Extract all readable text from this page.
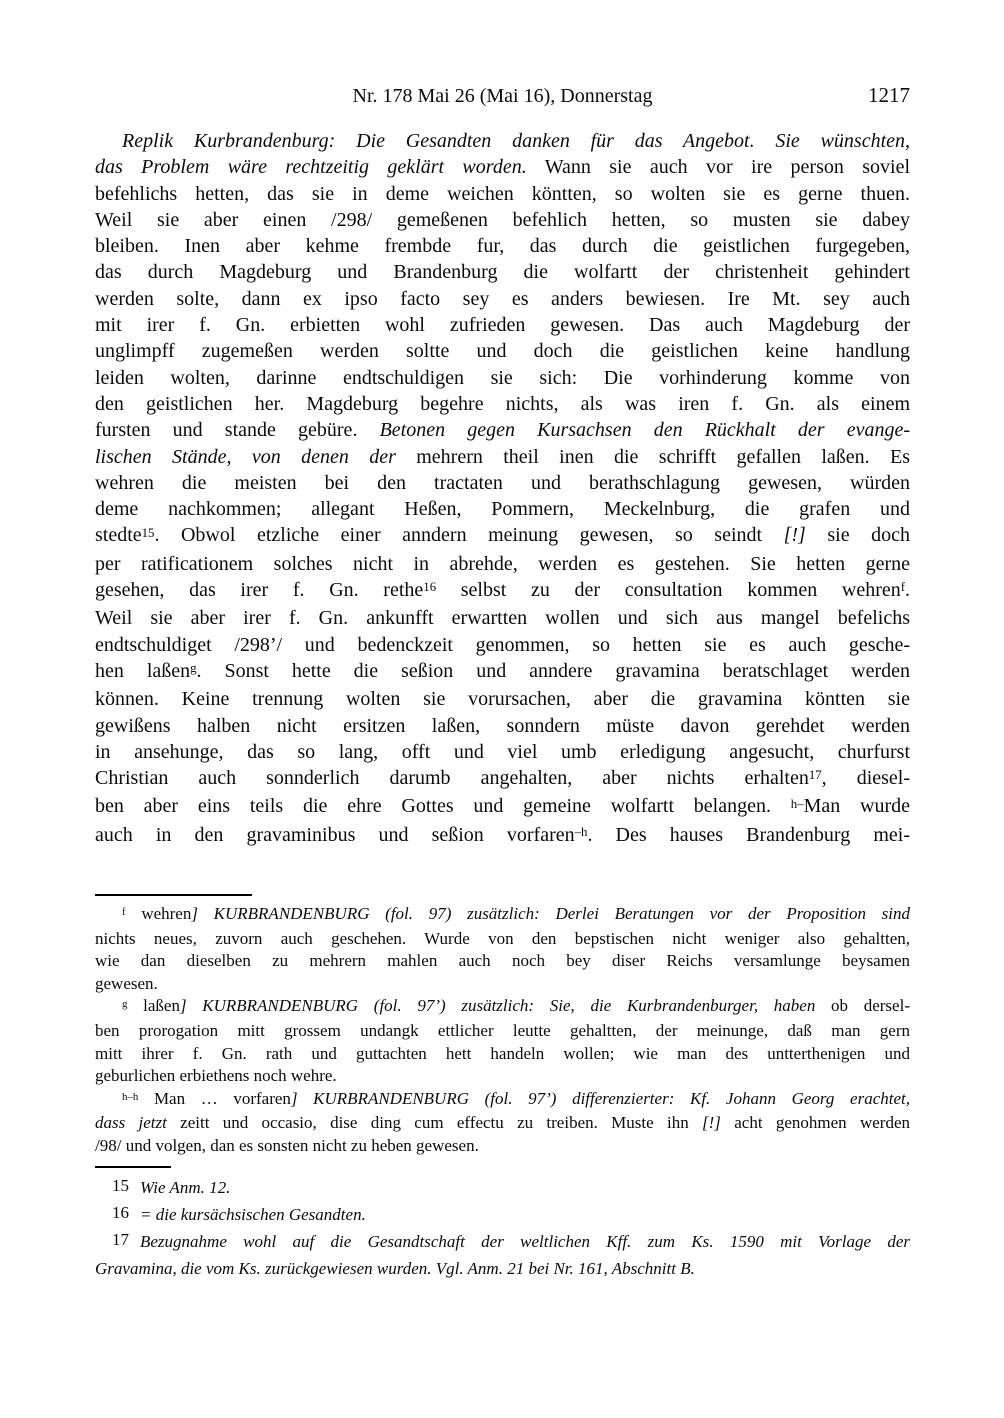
Nr. 178 Mai 26 (Mai 16), Donnerstag	1217
Replik Kurbrandenburg: Die Gesandten danken für das Angebot. Sie wünschten,
das Problem wäre rechtzeitig geklärt worden. Wann sie auch vor ire person soviel
befehlichs hetten, das sie in deme weichen köntten, so wolten sie es gerne thuen.
Weil sie aber einen /298/ gemeßenen befehlich hetten, so musten sie dabey
bleiben. Inen aber kehme frembde fur, das durch die geistlichen furgegeben,
das durch Magdeburg und Brandenburg die wolfartt der christenheit gehindert
werden solte, dann ex ipso facto sey es anders bewiesen. Ire Mt. sey auch
mit irer f. Gn. erbietten wohl zufrieden gewesen. Das auch Magdeburg der
unglimpff zugemeßen werden soltte und doch die geistlichen keine handlung
leiden wolten, darinne endtschuldigen sie sich: Die vorhinderung komme von
den geistlichen her. Magdeburg begehre nichts, als was iren f. Gn. als einem
fursten und stande gebüre. Betonen gegen Kursachsen den Rückhalt der evange-
lischen Stände, von denen der mehrern theil inen die schrifft gefallen laßen. Es
wehren die meisten bei den tractaten und berathschlagung gewesen, würden
deme nachkommen; allegant Heßen, Pommern, Meckelnburg, die grafen und
stedte$^{15}$. Obwol etzliche einer anndern meinung gewesen, so seindt [!] sie doch
per ratificationem solches nicht in abrehde, werden es gestehen. Sie hetten gerne
gesehen, das irer f. Gn. rethe$^{16}$ selbst zu der consultation kommen wehren$^f$.
Weil sie aber irer f. Gn. ankunfft erwartten wollen und sich aus mangel befelichs
endtschuldiget /298’/ und bedenckzeit genommen, so hetten sie es auch gesche-
hen laßen$^g$. Sonst hette die seßion und anndere gravamina beratschlaget werden
können. Keine trennung wolten sie vorursachen, aber die gravamina köntten sie
gewißens halben nicht ersitzen laßen, sonndern müste davon gerehdet werden
in ansehunge, das so lang, offt und viel umb erledigung angesucht, churfurst
Christian auch sonnderlich darumb angehalten, aber nichts erhalten$^{17}$, diesel-
ben aber eins teils die ehre Gottes und gemeine wolfartt belangen. $^{h-}$Man wurde
auch in den gravaminibus und seßion vorfaren$^{-h}$. Des hauses Brandenburg mei-
$^f$ wehren] KURBRANDENBURG (fol. 97) zusätzlich: Derlei Beratungen vor der Proposition sind
nichts neues, zuvorn auch geschehen. Wurde von den bepstischen nicht weniger also gehaltten,
wie dan dieselben zu mehrern mahlen auch noch bey diser Reichs versamlunge beysamen
gewesen.
$^g$ laßen] KURBRANDENBURG (fol. 97’) zusätzlich: Sie, die Kurbrandenburger, haben ob dersel-
ben prorogation mitt grossem undangk ettlicher leutte gehaltten, der meinunge, daß man gern
mitt ihrer f. Gn. rath und guttachten hett handeln wollen; wie man des untterthenigen und
geburlichen erbiethens noch wehre.
$^{h-h}$ Man … vorfaren] KURBRANDENBURG (fol. 97’) differenzierter: Kf. Johann Georg erachtet,
dass jetzt zeitt und occasio, dise ding cum effectu zu treiben. Muste ihn [!] acht genohmen werden
/98/ und volgen, dan es sonsten nicht zu heben gewesen.
15 Wie Anm. 12.
16 = die kursächsischen Gesandten.
17 Bezugnahme wohl auf die Gesandtschaft der weltlichen Kff. zum Ks. 1590 mit Vorlage der
Gravamina, die vom Ks. zurückgewiesen wurden. Vgl. Anm. 21 bei Nr. 161, Abschnitt B.
